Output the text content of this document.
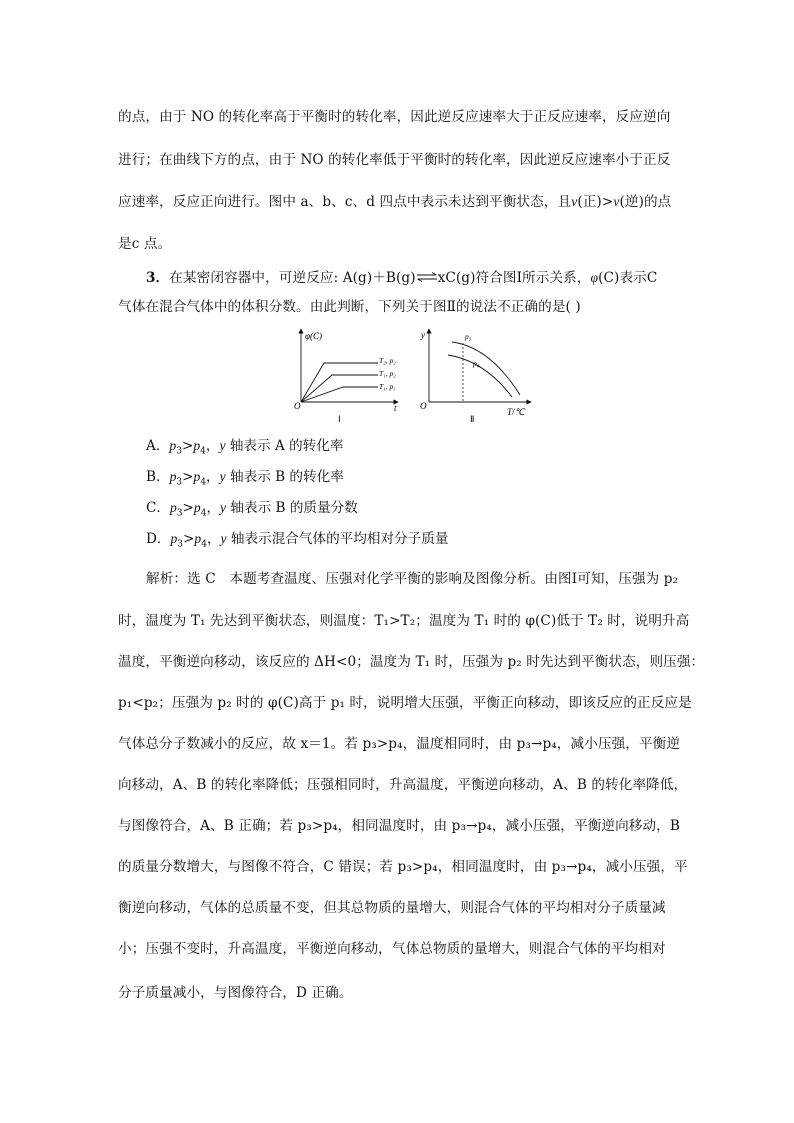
的点，由于 NO 的转化率高于平衡时的转化率，因此逆反应速率大于正反应速率，反应逆向
进行；在曲线下方的点，由于 NO 的转化率低于平衡时的转化率，因此逆反应速率小于正反
应速率，反应正向进行。图中 a、b、c、d 四点中表示未达到平衡状态，且v(正)>v(逆)的点
是c 点。
3．在某密闭容器中，可逆反应: A(g)＋B(g)⇌xC(g)符合图Ⅰ所示关系，φ(C)表示C
气体在混合气体中的体积分数。由此判断，下列关于图Ⅱ的说法不正确的是( )
φ(C)
O	t
T₂, p₂
T₁, p₂
T₁, p₁
Ⅰ
y
O
T/℃
p₃
p₄
Ⅱ
A．$p_3>p_4$，y 轴表示 A 的转化率
B．$p_3>p_4$，y 轴表示 B 的转化率
C．$p_3>p_4$，y 轴表示 B 的质量分数
D．$p_3>p_4$，y 轴表示混合气体的平均相对分子质量
解析：选 C　本题考查温度、压强对化学平衡的影响及图像分析。由图Ⅰ可知，压强为 p₂
时，温度为 T₁ 先达到平衡状态，则温度：T₁>T₂；温度为 T₁ 时的 φ(C)低于 T₂ 时，说明升高
温度，平衡逆向移动，该反应的 ΔH<0；温度为 T₁ 时，压强为 p₂ 时先达到平衡状态，则压强：
p₁<p₂；压强为 p₂ 时的 φ(C)高于 p₁ 时，说明增大压强，平衡正向移动，即该反应的正反应是
气体总分子数减小的反应，故 x＝1。若 p₃>p₄，温度相同时，由 p₃→p₄，减小压强，平衡逆
向移动，A、B 的转化率降低；压强相同时，升高温度，平衡逆向移动，A、B 的转化率降低，
与图像符合，A、B 正确；若 p₃>p₄，相同温度时，由 p₃→p₄，减小压强，平衡逆向移动，B
的质量分数增大，与图像不符合，C 错误；若 p₃>p₄，相同温度时，由 p₃→p₄，减小压强，平
衡逆向移动，气体的总质量不变，但其总物质的量增大，则混合气体的平均相对分子质量减
小；压强不变时，升高温度，平衡逆向移动，气体总物质的量增大，则混合气体的平均相对
分子质量减小，与图像符合，D 正确。
